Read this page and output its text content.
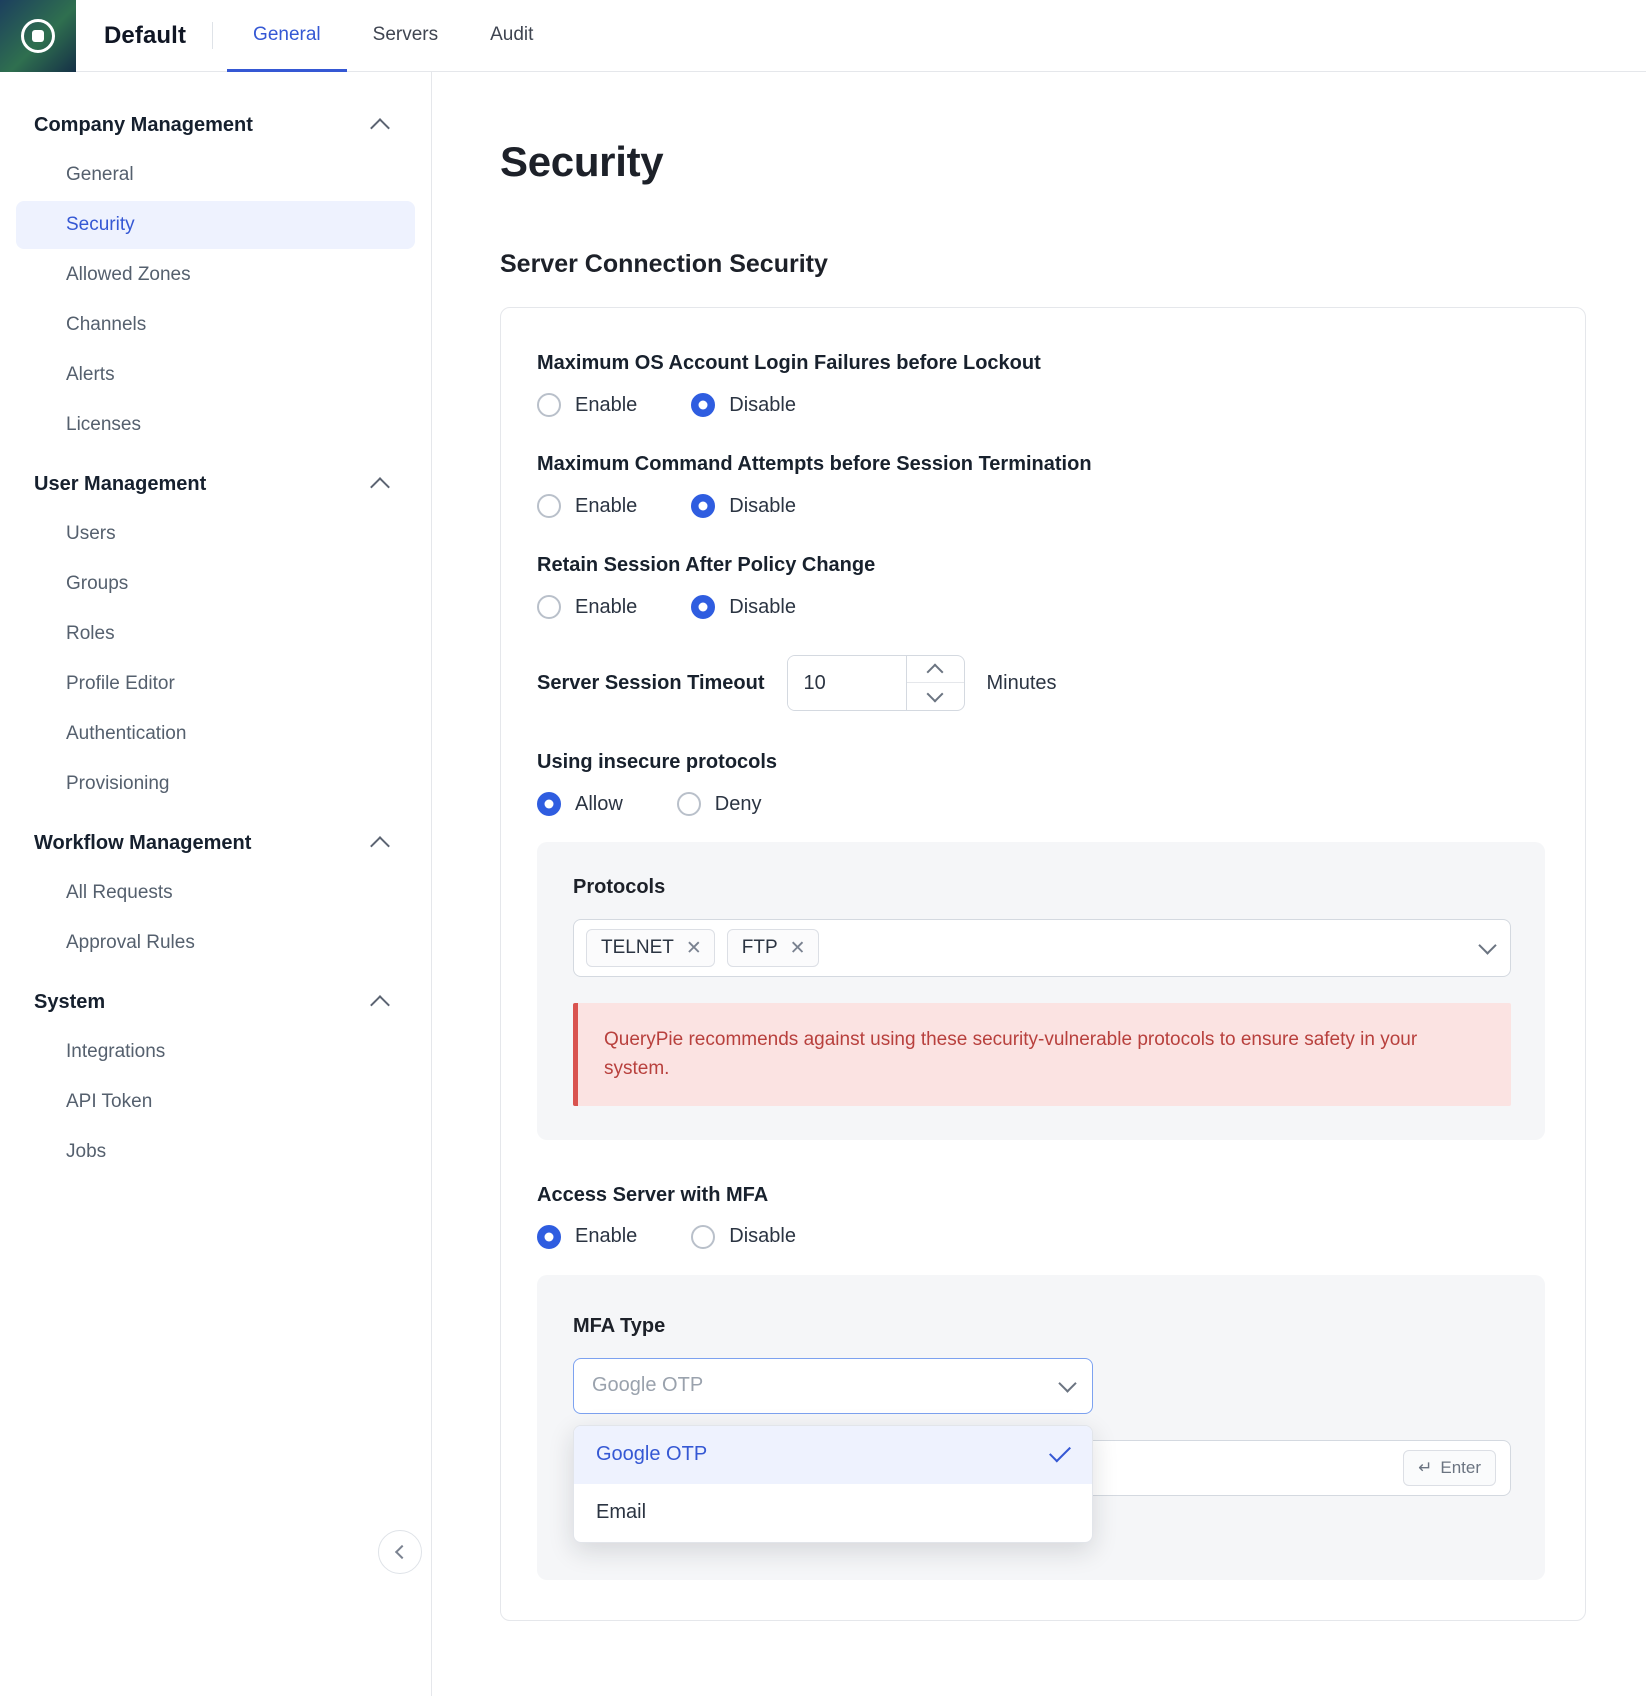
Default	General	Servers	Audit
Company Management
General
Security
Allowed Zones
Channels
Alerts
Licenses
User Management
Users
Groups
Roles
Profile Editor
Authentication
Provisioning
Workflow Management
All Requests
Approval Rules
System
Integrations
API Token
Jobs
Security
Server Connection Security
Maximum OS Account Login Failures before Lockout
Enable	Disable
Maximum Command Attempts before Session Termination
Enable	Disable
Retain Session After Policy Change
Enable	Disable
Server Session Timeout
10	Minutes
Using insecure protocols
Allow	Deny
Protocols
TELNET ✕ FTP ✕
QueryPie recommends against using these security-vulnerable protocols to ensure safety in your system.
Access Server with MFA
Enable	Disable
MFA Type
Google OTP
Google OTP
Email
↵ Enter
